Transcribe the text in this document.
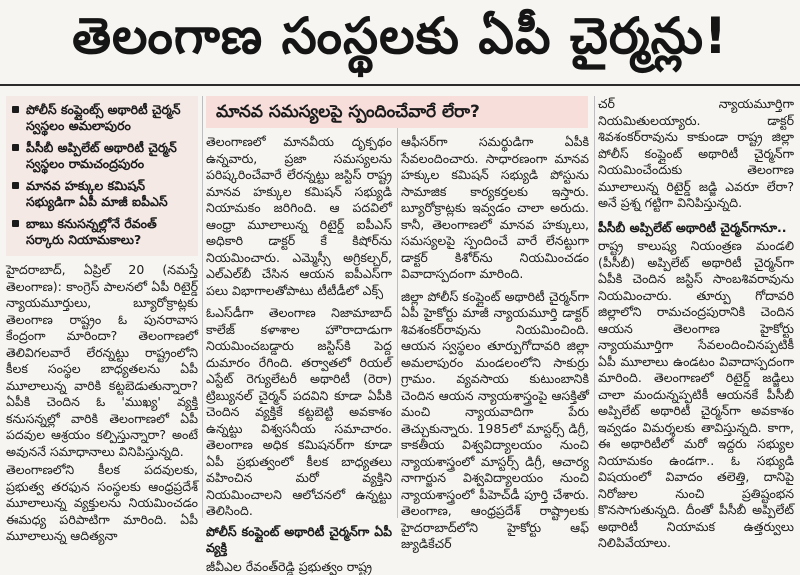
తెలంగాణ సంస్థలకు ఏపీ చైర్మన్లు!
పోలీస్ కంప్లైంట్స్ అథారిటీ చైర్మన్ స్వస్థలం అమలాపురం
పీసీబీ అప్పిలేట్ అథారిటీ చైర్మన్ స్వస్థలం రామచంద్రపురం
మానవ హక్కుల కమిషన్ సభ్యుడిగా ఏపీ మాజీ ఐపీఎస్
బాబు కనుసన్నల్లోనే రేవంత్ సర్కారు నియామకాలు?

హైదరాబాద్, ఏప్రిల్ 20 (నమస్తే తెలంగాణ): కాంగ్రెస్ పాలనలో ఏపీ రిటైర్డ్ న్యాయమూర్తులు, బ్యూరోక్రాట్లకు తెలంగాణ రాష్ట్రం ఓ పునరావాస కేంద్రంగా మారిందా? తెలంగాణలో తెలివిగలవారే లేరన్నట్టు రాష్ట్రంలోని కీలక సంస్థల బాధ్యతలను ఏపీ మూలాలున్న వారికి కట్టబెడుతున్నారా? ఏపీకి చెందిన ఓ 'ముఖ్య' వ్యక్తి కనుసన్నల్లో వారికి తెలంగాణలో ఏపీ పదవుల ఆశ్రయం కల్పిస్తున్నారా? అంటే అవుననే సమాధానాలు వినిపిస్తున్నది.

తెలంగాణలోని కీలక పదవులకు, ప్రభుత్వ తరఫున సంస్థలకు ఆంధ్రప్రదేశ్ మూలాలున్న వ్యక్తులను నియమించడం ఈమధ్య పరిపాటిగా మారింది. ఏపీ మూలాలున్న ఆదిత్యనా

మానవ సమస్యలపై స్పందించేవారే లేరా?

తెలంగాణలో మానవీయ దృక్పథం ఉన్నవారు, ప్రజా సమస్యలను పరిష్కరించేవారే లేరన్నట్టు జస్టిస్ రాష్ట్ర మానవ హక్కుల కమిషన్ సభ్యుడి నియామకం జరిగింది. ఆ పదవిలో ఆంధ్రా మూలాలున్న రిటైర్డ్ ఐపీఎస్ అధికారి డాక్టర్ కే కిషోర్‌ను నియమించారు. ఎమ్మెస్సీ అగ్రికల్చర్, ఎల్ఎల్‌బీ చేసిన ఆయన ఐపీఎస్‌గా పలు విభాగాలతోపాటు టీటీడీలో ఎక్స్

ఓఎస్‌డీగా తెలంగాణ నిజామాబాద్ కాలేజ్ కళాశాల హౌరాదాడుగా నియమించబడ్డారు జస్టిస్‌కి పెద్ద దుమారం రేగింది. తర్వాతలో రియల్ ఎస్టేట్ రెగ్యులేటరీ అథారిటీ (రెరా) ట్రిబ్యునల్ చైర్మన్ పదవిని కూడా ఏపీకి చెందిన వ్యక్తికే కట్టబెట్టి అవకాశం ఉన్నట్టు విశ్వసనీయ సమాచారం. తెలంగాణ అధిక కమిషనర్‌గా కూడా ఏపీ ప్రభుత్వంలో కీలక బాధ్యతలు వహించిన మరో వ్యక్తిని నియమించాలని ఆలోచనలో ఉన్నట్టు తెలిసింది.

పోలీస్ కంప్లైంట్ అథారిటీ చైర్మన్‌గా ఏపీ వ్యక్తి

జీవీఎల రేవంత్‌రెడ్డి ప్రభుత్వం రాష్ట్ర

ఆఫీసర్‌గా సమర్థుడిగా ఏపీకి సేవలందించారు. సాధారణంగా మానవ హక్కుల కమిషన్ సభ్యుడి పోస్టును సామాజిక కార్యకర్తలకు ఇస్తారు. బ్యూరోక్రాట్లకు ఇవ్వడం చాలా అరుదు. కానీ, తెలంగాణలో మానవ హక్కులు, సమస్యలపై స్పందించే వారే లేనట్టుగా డాక్టర్ కిశోర్‌ను నియమించడం వివాదాస్పదంగా మారింది.

జిల్లా పోలీస్ కంప్లైంట్ అథారిటీ చైర్మన్‌గా ఏపీ హైకోర్టు మాజీ న్యాయమూర్తి డాక్టర్ శివశంకర్‌రావును నియమించింది. ఆయన స్వస్థలం తూర్పుగోదావరి జిల్లా అమలాపురం మండలంలోని సాకుర్రు గ్రామం. వ్యవసాయ కుటుంబానికి చెందిన ఆయన న్యాయశాస్త్రంపై ఆసక్తితో మంచి న్యాయవాదిగా పేరు తెచ్చుకున్నారు. 1985లో మాస్టర్స్ డిగ్రీ, కాకతీయ విశ్వవిద్యాలయం నుంచి న్యాయశాస్త్రంలో మాస్టర్స్ డిగ్రీ, ఆచార్య నాగార్జున విశ్వవిద్యాలయం నుంచి న్యాయశాస్త్రంలో పీహెచ్‌డీ పూర్తి చేశారు. తెలంగాణ, ఆంధ్రప్రదేశ్ రాష్ట్రాలకు హైదరాబాద్‌లోని హైకోర్టు ఆఫ్ జ్యుడికేచర్

చర్ న్యాయమూర్తిగా నియమితులయ్యారు. డాక్టర్ శివశంకర్‌రావును కాకుండా రాష్ట్ర జిల్లా పోలీస్ కంప్లైంట్ అథారిటీ చైర్మన్‌గా నియమించేందుకు తెలంగాణ మూలాలున్న రిటైర్డ్ జడ్జి ఎవరూ లేరా? అనే ప్రశ్న గట్టిగా వినిపిస్తున్నది.

పీసీబీ అప్పిలేట్ అథారిటీ చైర్మన్‌గానూ..

రాష్ట్ర కాలుష్య నియంత్రణ మండలి (పీసీబీ) అప్పిలేట్ అథారిటీ చైర్మన్‌గా ఏపీకి చెందిన జస్టిస్ సాంబశివరావును నియమించారు. తూర్పు గోదావరి జిల్లాలోని రామచంద్రపురానికి చెందిన ఆయన తెలంగాణ హైకోర్టు న్యాయమూర్తిగా సేవలందించినప్పటికీ ఏపీ మూలాలు ఉండటం వివాదాస్పదంగా మారింది. తెలంగాణలో రిటైర్డ్ జడ్జిలు చాలా మందున్నప్పటికీ ఆయనకే పీసీబీ అప్పిలేట్ అథారిటీ చైర్మన్‌గా అవకాశం ఇవ్వడం విమర్శలకు తావిస్తున్నది. కాగా, ఈ అథారిటీలో మరో ఇద్దరు సభ్యుల నియామకం ఉండగా.. ఓ సభ్యుడి విషయంలో వివాదం తలెత్తి, దానిపై నిరోజుల నుంచి ప్రతిష్టంభన కొనసాగుతున్నది. దీంతో పీసీబీ అప్పిలేట్ అథారిటీ నియామక ఉత్తర్వులు నిలిపివేయాలు.
